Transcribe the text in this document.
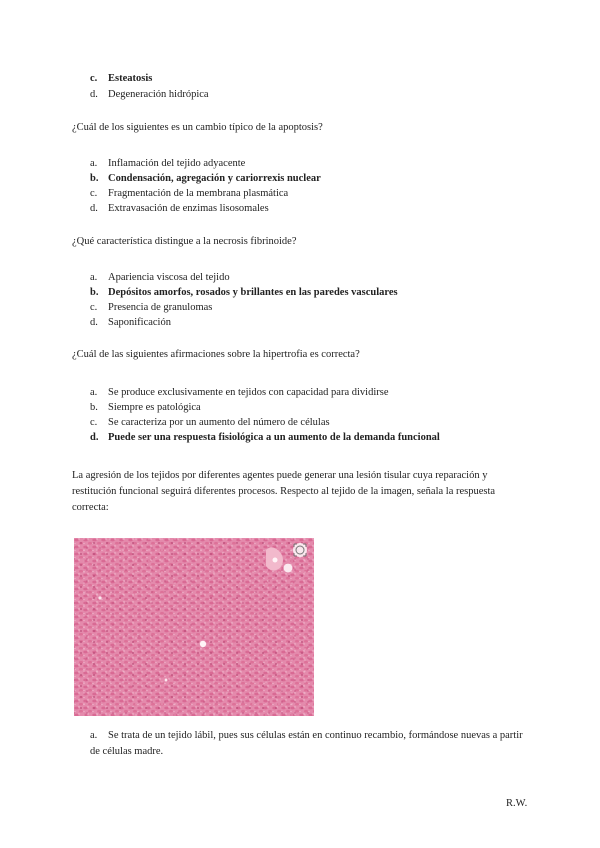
c. Esteatosis
d. Degeneración hidrópica
¿Cuál de los siguientes es un cambio típico de la apoptosis?
a. Inflamación del tejido adyacente
b. Condensación, agregación y cariorrexis nuclear
c. Fragmentación de la membrana plasmática
d. Extravasación de enzimas lisosomales
¿Qué característica distingue a la necrosis fibrinoide?
a. Apariencia viscosa del tejido
b. Depósitos amorfos, rosados y brillantes en las paredes vasculares
c. Presencia de granulomas
d. Saponificación
¿Cuál de las siguientes afirmaciones sobre la hipertrofia es correcta?
a. Se produce exclusivamente en tejidos con capacidad para dividirse
b. Siempre es patológica
c. Se caracteriza por un aumento del número de células
d. Puede ser una respuesta fisiológica a un aumento de la demanda funcional
La agresión de los tejidos por diferentes agentes puede generar una lesión tisular cuya reparación y restitución funcional seguirá diferentes procesos. Respecto al tejido de la imagen, señala la respuesta correcta:
a. Se trata de un tejido lábil, pues sus células están en continuo recambio, formándose nuevas a partir de células madre.
R.W.
